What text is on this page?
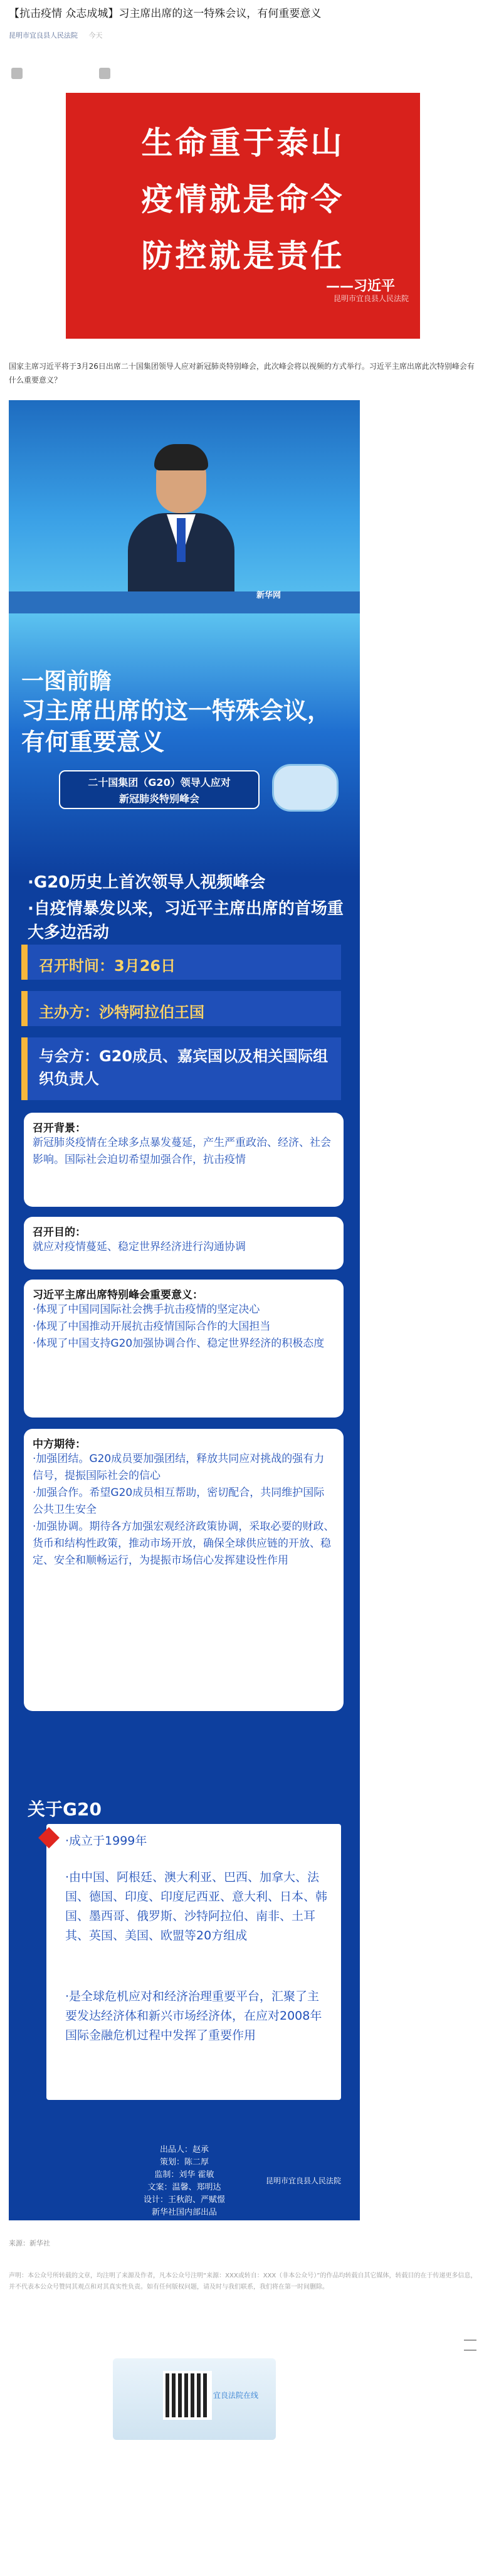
【抗击疫情 众志成城】习主席出席的这一特殊会议，有何重要意义
昆明市宜良县人民法院 今天
生命重于泰山
疫情就是命令
防控就是责任
——习近平
昆明市宜良县人民法院
国家主席习近平将于3月26日出席二十国集团领导人应对新冠肺炎特别峰会，此次峰会将以视频的方式举行。习近平主席出席此次特别峰会有什么重要意义？
新华网
一图前瞻
习主席出席的这一特殊会议，有何重要意义
二十国集团（G20）领导人应对
新冠肺炎特别峰会
·G20历史上首次领导人视频峰会
·自疫情暴发以来，习近平主席出席的首场重大多边活动
召开时间：3月26日
主办方：沙特阿拉伯王国
与会方：G20成员、嘉宾国以及相关国际组织负责人
召开背景：
新冠肺炎疫情在全球多点暴发蔓延，产生严重政治、经济、社会影响。国际社会迫切希望加强合作，抗击疫情
召开目的：
就应对疫情蔓延、稳定世界经济进行沟通协调
习近平主席出席特别峰会重要意义：
·体现了中国同国际社会携手抗击疫情的坚定决心
·体现了中国推动开展抗击疫情国际合作的大国担当
·体现了中国支持G20加强协调合作、稳定世界经济的积极态度
中方期待：
·加强团结。G20成员要加强团结，释放共同应对挑战的强有力信号，提振国际社会的信心
·加强合作。希望G20成员相互帮助，密切配合，共同维护国际公共卫生安全
·加强协调。期待各方加强宏观经济政策协调，采取必要的财政、货币和结构性政策，推动市场开放，确保全球供应链的开放、稳定、安全和顺畅运行，为提振市场信心发挥建设性作用
关于G20
·成立于1999年
·由中国、阿根廷、澳大利亚、巴西、加拿大、法国、德国、印度、印度尼西亚、意大利、日本、韩国、墨西哥、俄罗斯、沙特阿拉伯、南非、土耳其、英国、美国、欧盟等20方组成
·是全球危机应对和经济治理重要平台，汇聚了主要发达经济体和新兴市场经济体，在应对2008年国际金融危机过程中发挥了重要作用
出品人：赵承
策划：陈二厚
监制：刘华 霍敏
文案：温馨、郑明达
设计：王秋韵、严赋憬
新华社国内部出品
昆明市宜良县人民法院
来源：新华社
声明：本公众号所转载的文章，均注明了来源及作者，凡本公众号注明“来源：XXX或转自：XXX（非本公众号）”的作品均转载自其它媒体，转载目的在于传递更多信息，并不代表本公众号赞同其观点和对其真实性负责。如有任何版权问题，请及时与我们联系，我们将在第一时间删除。
宜良法院在线
